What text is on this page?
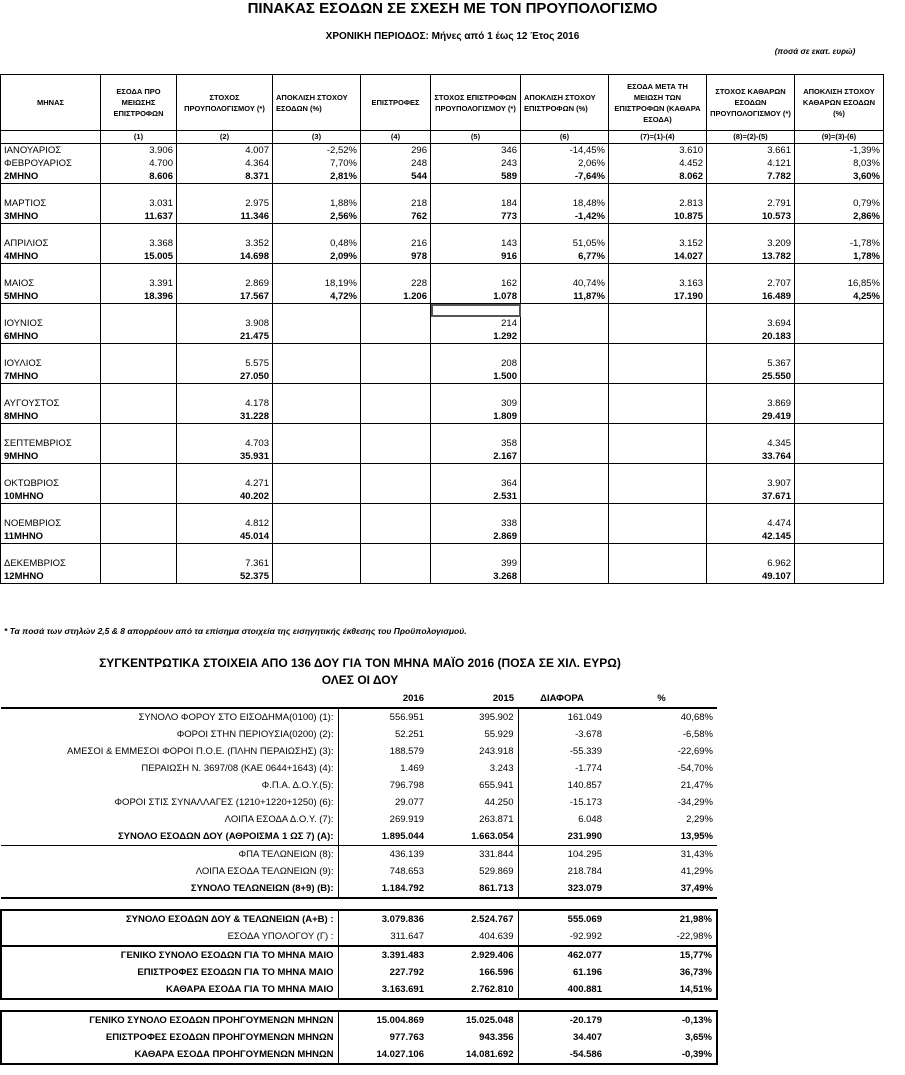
ΠΙΝΑΚΑΣ ΕΣΟΔΩΝ ΣΕ ΣΧΕΣΗ ΜΕ ΤΟΝ ΠΡΟΥΠΟΛΟΓΙΣΜΟ
ΧΡΟΝΙΚΗ ΠΕΡΙΟΔΟΣ: Μήνες από 1 έως 12 Έτος 2016
(ποσά σε εκατ. ευρώ)
ΜΗΝΑΣ	ΕΣΟΔΑ ΠΡΟ ΜΕΙΩΣΗΣ ΕΠΙΣΤΡΟΦΩΝ	ΣΤΟΧΟΣ ΠΡΟΥΠΟΛΟΓΙΣΜΟΥ (*)	ΑΠΟΚΛΙΣΗ ΣΤΟΧΟΥ ΕΣΟΔΩΝ (%)	ΕΠΙΣΤΡΟΦΕΣ	ΣΤΟΧΟΣ ΕΠΙΣΤΡΟΦΩΝ ΠΡΟΥΠΟΛΟΓΙΣΜΟΥ (*)	ΑΠΟΚΛΙΣΗ ΣΤΟΧΟΥ ΕΠΙΣΤΡΟΦΩΝ (%)	ΕΣΟΔΑ ΜΕΤΑ ΤΗ ΜΕΙΩΣΗ ΤΩΝ ΕΠΙΣΤΡΟΦΩΝ (ΚΑΘΑΡΑ ΕΣΟΔΑ)	ΣΤΟΧΟΣ ΚΑΘΑΡΩΝ ΕΣΟΔΩΝ ΠΡΟΥΠΟΛΟΓΙΣΜΟΥ (*)	ΑΠΟΚΛΙΣΗ ΣΤΟΧΟΥ ΚΑΘΑΡΩΝ ΕΣΟΔΩΝ (%)
	(1)	(2)	(3)	(4)	(5)	(6)	(7)=(1)-(4)	(8)=(2)-(5)	(9)=(3)-(6)
ΙΑΝΟΥΑΡΙΟΣ	3.906	4.007	-2,52%	296	346	-14,45%	3.610	3.661	-1,39%
ΦΕΒΡΟΥΑΡΙΟΣ	4.700	4.364	7,70%	248	243	2,06%	4.452	4.121	8,03%
2ΜΗΝΟ	8.606	8.371	2,81%	544	589	-7,64%	8.062	7.782	3,60%

ΜΑΡΤΙΟΣ	3.031	2.975	1,88%	218	184	18,48%	2.813	2.791	0,79%
3ΜΗΝΟ	11.637	11.346	2,56%	762	773	-1,42%	10.875	10.573	2,86%

ΑΠΡΙΛΙΟΣ	3.368	3.352	0,48%	216	143	51,05%	3.152	3.209	-1,78%
4ΜΗΝΟ	15.005	14.698	2,09%	978	916	6,77%	14.027	13.782	1,78%

ΜΑΙΟΣ	3.391	2.869	18,19%	228	162	40,74%	3.163	2.707	16,85%
5ΜΗΝΟ	18.396	17.567	4,72%	1.206	1.078	11,87%	17.190	16.489	4,25%

ΙΟΥΝΙΟΣ		3.908			214			3.694	
6ΜΗΝΟ		21.475			1.292			20.183	

ΙΟΥΛΙΟΣ		5.575			208			5.367	
7ΜΗΝΟ		27.050			1.500			25.550	

ΑΥΓΟΥΣΤΟΣ		4.178			309			3.869	
8ΜΗΝΟ		31.228			1.809			29.419	

ΣΕΠΤΕΜΒΡΙΟΣ		4.703			358			4.345	
9ΜΗΝΟ		35.931			2.167			33.764	

ΟΚΤΩΒΡΙΟΣ		4.271			364			3.907	
10ΜΗΝΟ		40.202			2.531			37.671	

ΝΟΕΜΒΡΙΟΣ		4.812			338			4.474	
11ΜΗΝΟ		45.014			2.869			42.145	

ΔΕΚΕΜΒΡΙΟΣ		7.361			399			6.962	
12ΜΗΝΟ		52.375			3.268			49.107	
* Τα ποσά των στηλών 2,5 & 8 απορρέουν από τα επίσημα στοιχεία της εισηγητικής έκθεσης του Προϋπολογισμού.
ΣΥΓΚΕΝΤΡΩΤΙΚΑ ΣΤΟΙΧΕΙΑ ΑΠΟ 136 ΔΟΥ ΓΙΑ ΤΟΝ ΜΗΝΑ ΜΑΪΟ 2016 (ΠΟΣΑ ΣΕ ΧΙΛ. ΕΥΡΩ)
ΟΛΕΣ ΟΙ ΔΟΥ
	2016	2015	ΔΙΑΦΟΡΑ	%
ΣΥΝΟΛΟ ΦΟΡΟΥ ΣΤΟ ΕΙΣΟΔΗΜΑ(0100) (1):	556.951	395.902	161.049	40,68%
ΦΟΡΟΙ ΣΤΗΝ ΠΕΡΙΟΥΣΙΑ(0200) (2):	52.251	55.929	-3.678	-6,58%
ΑΜΕΣΟΙ & ΕΜΜΕΣΟΙ ΦΟΡΟΙ Π.Ο.Ε. (ΠΛΗΝ ΠΕΡΑΙΩΣΗΣ) (3):	188.579	243.918	-55.339	-22,69%
ΠΕΡΑΙΩΣΗ Ν. 3697/08 (ΚΑΕ 0644+1643) (4):	1.469	3.243	-1.774	-54,70%
Φ.Π.Α. Δ.Ο.Υ.(5):	796.798	655.941	140.857	21,47%
ΦΟΡΟΙ ΣΤΙΣ ΣΥΝΑΛΛΑΓΕΣ (1210+1220+1250) (6):	29.077	44.250	-15.173	-34,29%
ΛΟΙΠΑ ΕΣΟΔΑ Δ.Ο.Υ. (7):	269.919	263.871	6.048	2,29%
ΣΥΝΟΛΟ ΕΣΟΔΩΝ ΔΟΥ (ΑΘΡΟΙΣΜΑ 1 ΩΣ 7) (Α):	1.895.044	1.663.054	231.990	13,95%
ΦΠΑ ΤΕΛΩΝΕΙΩΝ (8):	436.139	331.844	104.295	31,43%
ΛΟΙΠΑ ΕΣΟΔΑ ΤΕΛΩΝΕΙΩΝ (9):	748.653	529.869	218.784	41,29%
ΣΥΝΟΛΟ ΤΕΛΩΝΕΙΩΝ (8+9) (Β):	1.184.792	861.713	323.079	37,49%

ΣΥΝΟΛΟ ΕΣΟΔΩΝ ΔΟΥ & ΤΕΛΩΝΕΙΩΝ (Α+Β) :	3.079.836	2.524.767	555.069	21,98%
ΕΣΟΔΑ ΥΠΟΛΟΓΟΥ (Γ) :	311.647	404.639	-92.992	-22,98%
ΓΕΝΙΚΟ ΣΥΝΟΛΟ ΕΣΟΔΩΝ ΓΙΑ ΤΟ ΜΗΝΑ ΜΑΙΟ	3.391.483	2.929.406	462.077	15,77%
ΕΠΙΣΤΡΟΦΕΣ ΕΣΟΔΩΝ ΓΙΑ ΤΟ ΜΗΝΑ ΜΑΙΟ	227.792	166.596	61.196	36,73%
ΚΑΘΑΡΑ ΕΣΟΔΑ ΓΙΑ ΤΟ ΜΗΝΑ ΜΑΙΟ	3.163.691	2.762.810	400.881	14,51%

ΓΕΝΙΚΟ ΣΥΝΟΛΟ ΕΣΟΔΩΝ ΠΡΟΗΓΟΥΜΕΝΩΝ ΜΗΝΩΝ	15.004.869	15.025.048	-20.179	-0,13%
ΕΠΙΣΤΡΟΦΕΣ ΕΣΟΔΩΝ ΠΡΟΗΓΟΥΜΕΝΩΝ ΜΗΝΩΝ	977.763	943.356	34.407	3,65%
ΚΑΘΑΡΑ ΕΣΟΔΑ ΠΡΟΗΓΟΥΜΕΝΩΝ ΜΗΝΩΝ	14.027.106	14.081.692	-54.586	-0,39%
